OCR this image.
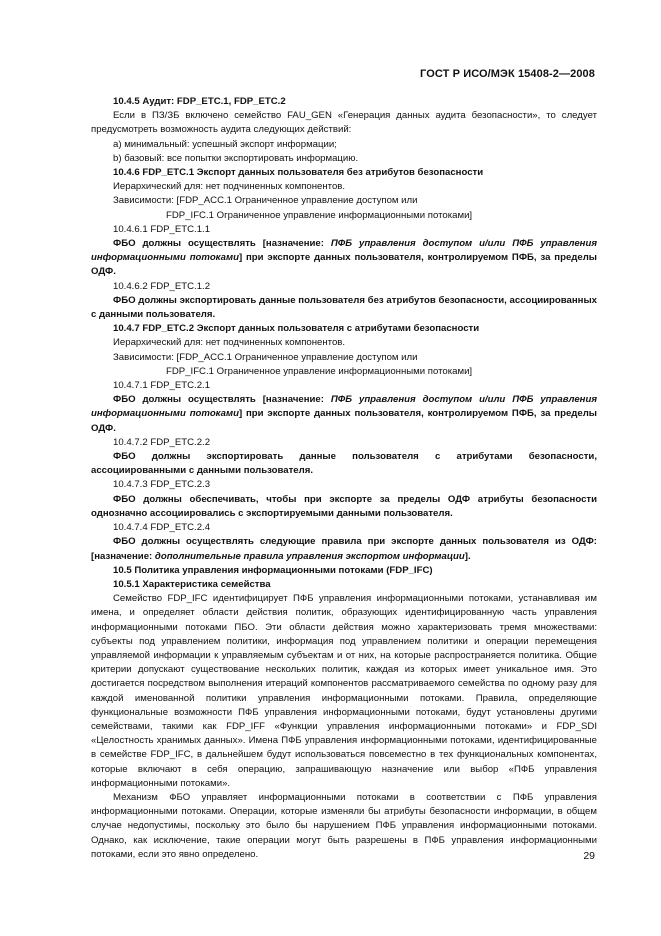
ГОСТ Р ИСО/МЭК 15408-2—2008

10.4.5 Аудит: FDP_ETC.1, FDP_ETC.2

Если в ПЗ/ЗБ включено семейство FAU_GEN «Генерация данных аудита безопасности», то следует предусмотреть возможность аудита следующих действий:

а) минимальный: успешный экспорт информации;

b) базовый: все попытки экспортировать информацию.

10.4.6 FDP_ETC.1 Экспорт данных пользователя без атрибутов безопасности

Иерархический для: нет подчиненных компонентов.

Зависимости: [FDP_ACC.1 Ограниченное управление доступом или

FDP_IFC.1 Ограниченное управление информационными потоками]

10.4.6.1 FDP_ETC.1.1

ФБО должны осуществлять [назначение: ПФБ управления доступом и/или ПФБ управления информационными потоками] при экспорте данных пользователя, контролируемом ПФБ, за пределы ОДФ.

10.4.6.2 FDP_ETC.1.2

ФБО должны экспортировать данные пользователя без атрибутов безопасности, ассоциированных с данными пользователя.

10.4.7 FDP_ETC.2 Экспорт данных пользователя с атрибутами безопасности

Иерархический для: нет подчиненных компонентов.

Зависимости: [FDP_ACC.1 Ограниченное управление доступом или

FDP_IFC.1 Ограниченное управление информационными потоками]

10.4.7.1 FDP_ETC.2.1

ФБО должны осуществлять [назначение: ПФБ управления доступом и/или ПФБ управления информационными потоками] при экспорте данных пользователя, контролируемом ПФБ, за пределы ОДФ.

10.4.7.2 FDP_ETC.2.2

ФБО должны экспортировать данные пользователя с атрибутами безопасности, ассоциированными с данными пользователя.

10.4.7.3 FDP_ETC.2.3

ФБО должны обеспечивать, чтобы при экспорте за пределы ОДФ атрибуты безопасности однозначно ассоциировались с экспортируемыми данными пользователя.

10.4.7.4 FDP_ETC.2.4

ФБО должны осуществлять следующие правила при экспорте данных пользователя из ОДФ: [назначение: дополнительные правила управления экспортом информации].

10.5 Политика управления информационными потоками (FDP_IFC)

10.5.1 Характеристика семейства

Семейство FDP_IFC идентифицирует ПФБ управления информационными потоками, устанавливая им имена, и определяет области действия политик, образующих идентифицированную часть управления информационными потоками ПБО. Эти области действия можно характеризовать тремя множествами: субъекты под управлением политики, информация под управлением политики и операции перемещения управляемой информации к управляемым субъектам и от них, на которые распространяется политика. Общие критерии допускают существование нескольких политик, каждая из которых имеет уникальное имя. Это достигается посредством выполнения итераций компонентов рассматриваемого семейства по одному разу для каждой именованной политики управления информационными потоками. Правила, определяющие функциональные возможности ПФБ управления информационными потоками, будут установлены другими семействами, такими как FDP_IFF «Функции управления информационными потоками» и FDP_SDI «Целостность хранимых данных». Имена ПФБ управления информационными потоками, идентифицированные в семействе FDP_IFC, в дальнейшем будут использоваться повсеместно в тех функциональных компонентах, которые включают в себя операцию, запрашивающую назначение или выбор «ПФБ управления информационными потоками».

Механизм ФБО управляет информационными потоками в соответствии с ПФБ управления информационными потоками. Операции, которые изменяли бы атрибуты безопасности информации, в общем случае недопустимы, поскольку это было бы нарушением ПФБ управления информационными потоками. Однако, как исключение, такие операции могут быть разрешены в ПФБ управления информационными потоками, если это явно определено.	29
